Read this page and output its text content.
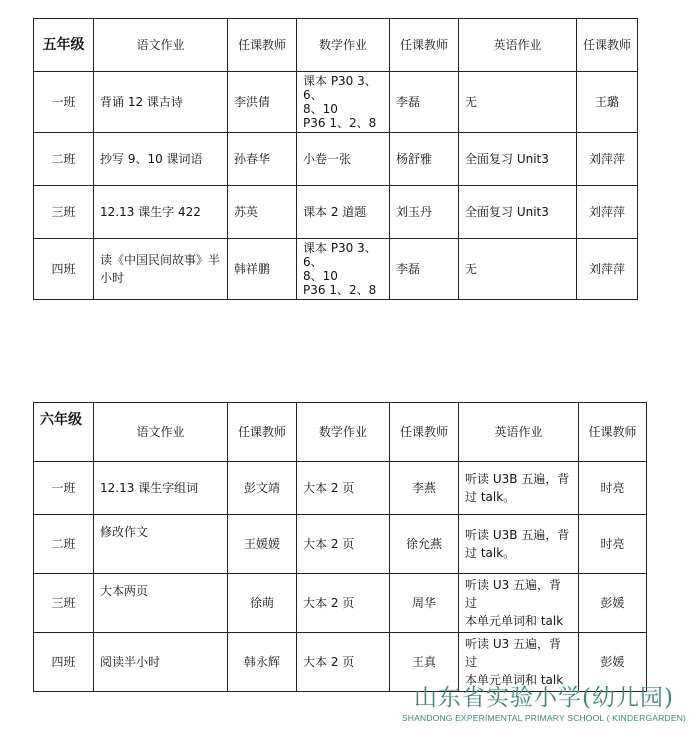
五年级	语文作业	任课教师	数学作业	任课教师	英语作业	任课教师
一班	背诵 12 课古诗	李洪倩	课本 P30 3、6、
8、10
P36 1、2、8	李磊	无	王璐
二班	抄写 9、10 课词语	孙春华	小卷一张	杨舒雅	全面复习 Unit3	刘萍萍
三班	12.13 课生字 422	苏英	课本 2 道题	刘玉丹	全面复习 Unit3	刘萍萍
四班	读《中国民间故事》半
小时	韩祥鹏	课本 P30 3、6、
8、10
P36 1、2、8	李磊	无	刘萍萍
六年级	语文作业	任课教师	数学作业	任课教师	英语作业	任课教师
一班	12.13 课生字组词	彭文靖	大本 2 页	李燕	听读 U3B 五遍，背
过 talk。	时亮
二班	修改作文	王媛媛	大本 2 页	徐允燕	听读 U3B 五遍，背
过 talk。	时亮
三班	大本两页	徐萌	大本 2 页	周华	听读 U3 五遍，背过
本单元单词和 talk	彭媛
四班	阅读半小时	韩永辉	大本 2 页	王真	听读 U3 五遍，背过
本单元单词和 talk	彭媛
山东省实验小学(幼儿园)
SHANDONG EXPERIMENTAL PRIMARY SCHOOL ( KINDERGARDEN)
